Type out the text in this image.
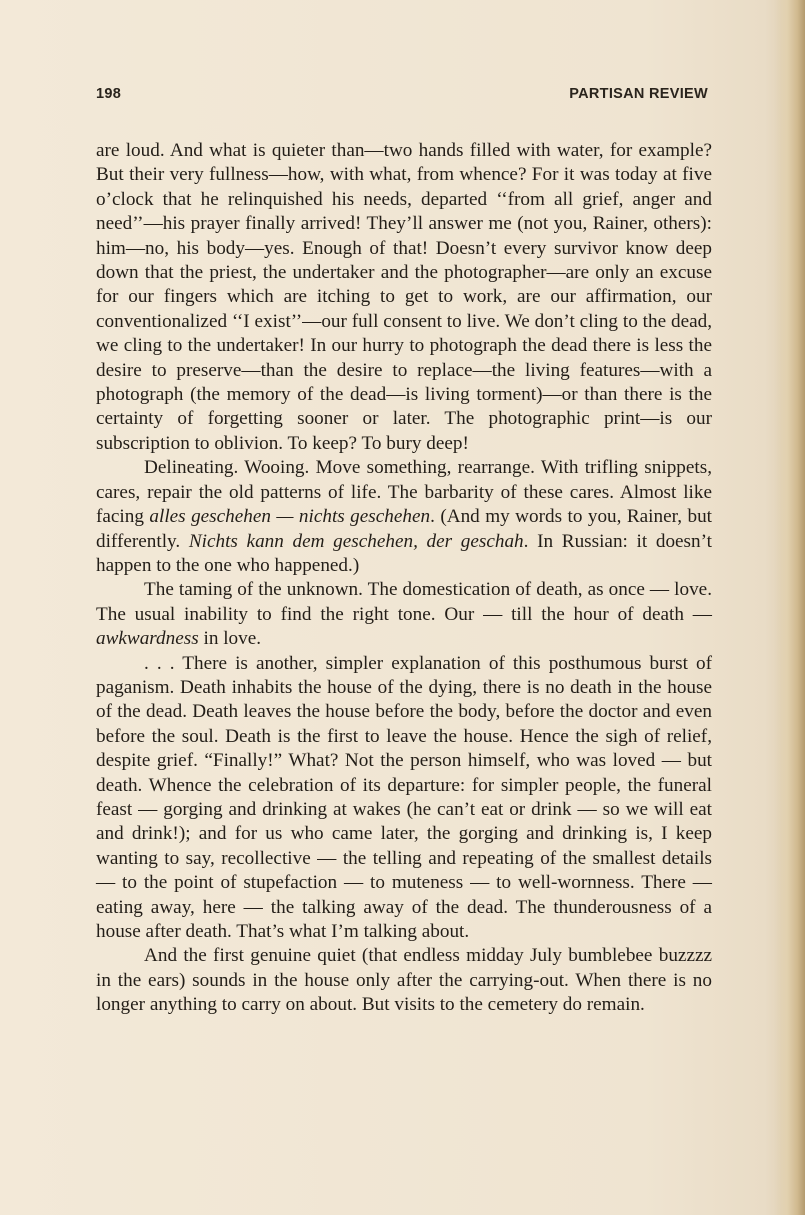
198	PARTISAN REVIEW

are loud. And what is quieter than—two hands filled with water, for example? But their very fullness—how, with what, from whence? For it was today at five o’clock that he relinquished his needs, departed ‘‘from all grief, anger and need’’—his prayer finally arrived! They’ll answer me (not you, Rainer, others): him—no, his body—yes. Enough of that! Doesn’t every survivor know deep down that the priest, the undertaker and the photographer—are only an excuse for our fingers which are itching to get to work, are our affirmation, our conventionalized ‘‘I exist’’—our full consent to live. We don’t cling to the dead, we cling to the undertaker! In our hurry to photograph the dead there is less the desire to preserve—than the desire to replace—the living features—with a photograph (the memory of the dead—is living torment)—or than there is the certainty of forgetting sooner or later. The photographic print—is our subscription to oblivion. To keep? To bury deep!

Delineating. Wooing. Move something, rearrange. With trifling snippets, cares, repair the old patterns of life. The barbarity of these cares. Almost like facing alles geschehen — nichts geschehen. (And my words to you, Rainer, but differently. Nichts kann dem geschehen, der geschah. In Russian: it doesn’t happen to the one who happened.)

The taming of the unknown. The domestication of death, as once — love. The usual inability to find the right tone. Our — till the hour of death — awkwardness in love.

. . . There is another, simpler explanation of this posthumous burst of paganism. Death inhabits the house of the dying, there is no death in the house of the dead. Death leaves the house before the body, before the doctor and even before the soul. Death is the first to leave the house. Hence the sigh of relief, despite grief. “Finally!” What? Not the person himself, who was loved — but death. Whence the celebration of its departure: for simpler people, the funeral feast — gorging and drinking at wakes (he can’t eat or drink — so we will eat and drink!); and for us who came later, the gorging and drinking is, I keep wanting to say, recollective — the telling and repeating of the smallest details — to the point of stupefaction — to muteness — to well-wornness. There — eating away, here — the talking away of the dead. The thunderousness of a house after death. That’s what I’m talking about.

And the first genuine quiet (that endless midday July bumblebee buzzzz in the ears) sounds in the house only after the carrying-out. When there is no longer anything to carry on about. But visits to the cemetery do remain.
